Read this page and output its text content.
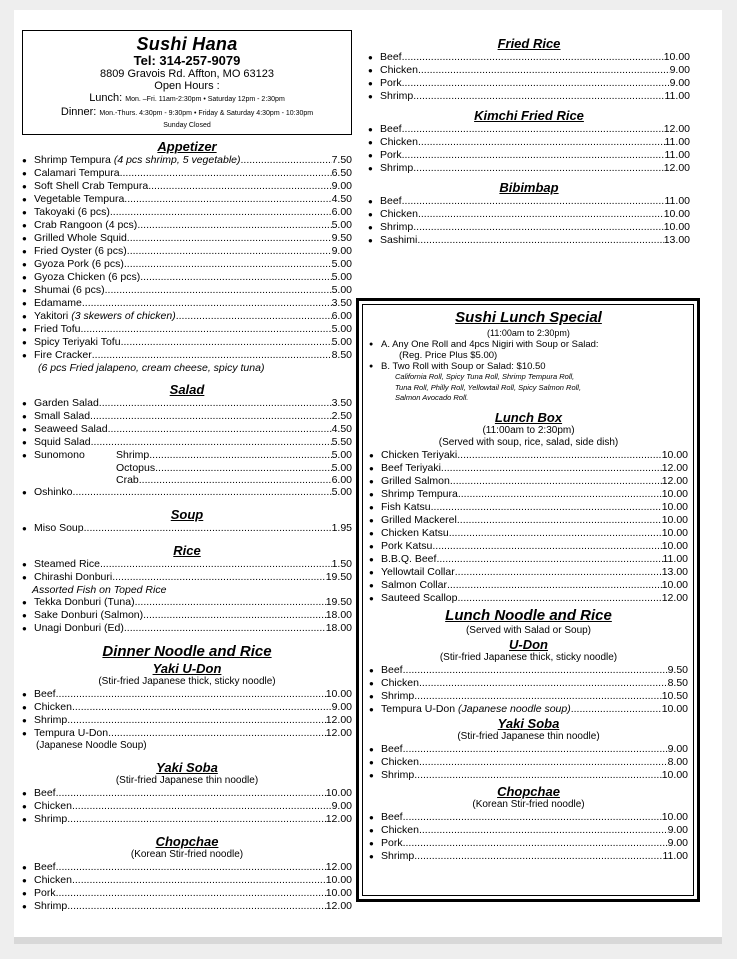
Sushi Hana
Tel: 314-257-9079
8809 Gravois Rd. Affton, MO 63123
Open Hours :
Lunch: Mon. –Fri. 11am-2:30pm • Saturday 12pm - 2:30pm
Dinner: Mon.-Thurs. 4:30pm - 9:30pm • Friday & Saturday 4:30pm - 10:30pm
Sunday Closed
Appetizer
● Shrimp Tempura (4 pcs shrimp, 5 vegetable) .....	7.50
● Calamari Tempura .....	6.50
● Soft Shell Crab Tempura .....	9.00
● Vegetable Tempura .....	4.50
● Takoyaki (6 pcs) .....	6.00
● Crab Rangoon (4 pcs) .....	5.00
● Grilled Whole Squid .....	9.50
● Fried Oyster (6 pcs) .....	9.00
● Gyoza Pork (6 pcs) .....	5.00
● Gyoza Chicken (6 pcs) .....	5.00
● Shumai (6 pcs) .....	5.00
● Edamame .....	3.50
● Yakitori (3 skewers of chicken) .....	6.00
● Fried Tofu .....	5.00
● Spicy Teriyaki Tofu .....	5.00
● Fire Cracker .....	8.50
(6 pcs Fried jalapeno, cream cheese, spicy tuna)
Salad
● Garden Salad .....	3.50
● Small Salad .....	2.50
● Seaweed Salad .....	4.50
● Squid Salad .....	5.50
● Sunomono	Shrimp .....	5.00
Octopus .....	5.00
Crab .....	6.00
● Oshinko .....	5.00
Soup
● Miso Soup .....	1.95
Rice
● Steamed Rice .....	1.50
● Chirashi Donburi .....	19.50
Assorted Fish on Toped Rice
● Tekka Donburi (Tuna) .....	19.50
● Sake Donburi (Salmon) .....	18.00
● Unagi Donburi (Ed) .....	18.00
Dinner Noodle and Rice
Yaki U-Don
(Stir-fried Japanese thick, sticky noodle)
● Beef .....	10.00
● Chicken .....	9.00
● Shrimp .....	12.00
● Tempura U-Don .....	12.00
(Japanese Noodle Soup)
Yaki Soba
(Stir-fried Japanese thin noodle)
● Beef .....	10.00
● Chicken .....	9.00
● Shrimp .....	12.00
Chopchae
(Korean Stir-fried noodle)
● Beef .....	12.00
● Chicken .....	10.00
● Pork .....	10.00
● Shrimp .....	12.00
Fried Rice
● Beef .....	10.00
● Chicken .....	9.00
● Pork .....	9.00
● Shrimp .....	11.00
Kimchi Fried Rice
● Beef .....	12.00
● Chicken .....	11.00
● Pork .....	11.00
● Shrimp .....	12.00
Bibimbap
● Beef .....	11.00
● Chicken .....	10.00
● Shrimp .....	10.00
● Sashimi .....	13.00
Sushi Lunch Special
(11:00am to 2:30pm)
● A. Any One Roll and 4pcs Nigiri with Soup or Salad:
(Reg. Price Plus $5.00)
● B. Two Roll with Soup or Salad: $10.50
California Roll, Spicy Tuna Roll, Shrimp Tempura Roll,
Tuna Roll, Philly Roll, Yellowtail Roll, Spicy Salmon Roll,
Salmon Avocado Roll.
Lunch Box
(11:00am to 2:30pm)
(Served with soup, rice, salad, side dish)
● Chicken Teriyaki .....	10.00
● Beef Teriyaki .....	12.00
● Grilled Salmon .....	12.00
● Shrimp Tempura .....	10.00
● Fish Katsu .....	10.00
● Grilled Mackerel .....	10.00
● Chicken Katsu .....	10.00
● Pork Katsu .....	10.00
● B.B.Q. Beef .....	11.00
● Yellowtail Collar .....	13.00
● Salmon Collar .....	10.00
● Sauteed Scallop .....	12.00
Lunch Noodle and Rice
(Served with Salad or Soup)
U-Don
(Stir-fried Japanese thick, sticky noodle)
● Beef .....	9.50
● Chicken .....	8.50
● Shrimp .....	10.50
● Tempura U-Don (Japanese noodle soup) .....	10.00
Yaki Soba
(Stir-fried Japanese thin noodle)
● Beef .....	9.00
● Chicken .....	8.00
● Shrimp .....	10.00
Chopchae
(Korean Stir-fried noodle)
● Beef .....	10.00
● Chicken .....	9.00
● Pork .....	9.00
● Shrimp .....	11.00
